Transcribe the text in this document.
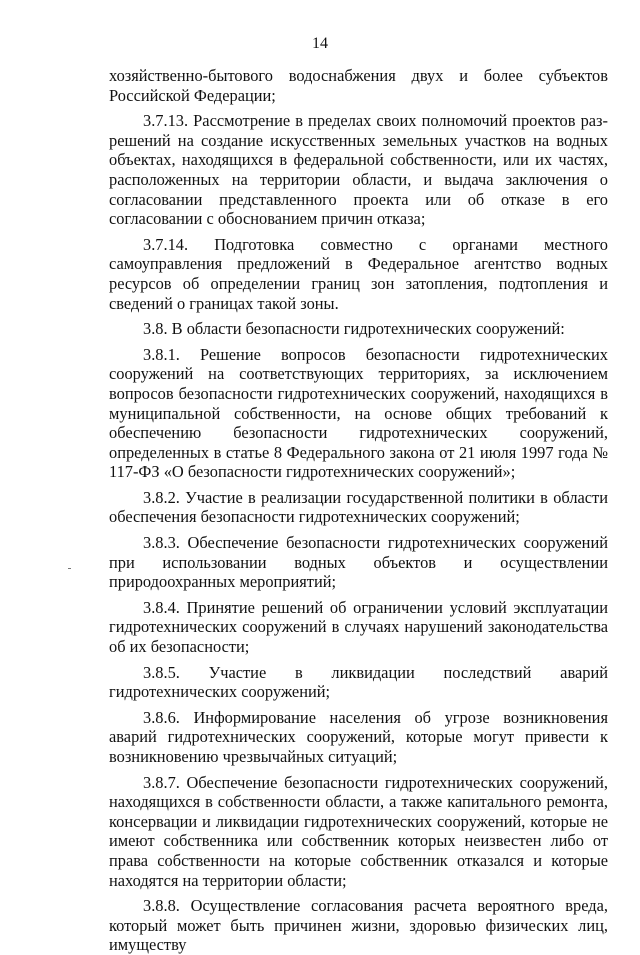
14

хозяйственно-бытового водоснабжения двух и более субъектов Российской Федерации;

3.7.13. Рассмотрение в пределах своих полномочий проектов разрешений на создание искусственных земельных участков на водных объектах, находящихся в федеральной собственности, или их частях, расположенных на территории области, и выдача заключения о согласовании представленного проекта или об отказе в его согласовании с обоснованием причин отказа;

3.7.14. Подготовка совместно с органами местного самоуправления предложений в Федеральное агентство водных ресурсов об определении границ зон затопления, подтопления и сведений о границах такой зоны.

3.8. В области безопасности гидротехнических сооружений:

3.8.1. Решение вопросов безопасности гидротехнических сооружений на соответствующих территориях, за исключением вопросов безопасности гидротехнических сооружений, находящихся в муниципальной собственности, на основе общих требований к обеспечению безопасности гидротехнических сооружений, определенных в статье 8 Федерального закона от 21 июля 1997 года № 117-ФЗ «О безопасности гидротехнических сооружений»;

3.8.2. Участие в реализации государственной политики в области обеспечения безопасности гидротехнических сооружений;

3.8.3. Обеспечение безопасности гидротехнических сооружений при использовании водных объектов и осуществлении природоохранных мероприятий;

3.8.4. Принятие решений об ограничении условий эксплуатации гидротехнических сооружений в случаях нарушений законодательства об их безопасности;

3.8.5. Участие в ликвидации последствий аварий гидротехнических сооружений;

3.8.6. Информирование населения об угрозе возникновения аварий гидротехнических сооружений, которые могут привести к возникновению чрезвычайных ситуаций;

3.8.7. Обеспечение безопасности гидротехнических сооружений, находящихся в собственности области, а также капитального ремонта, консервации и ликвидации гидротехнических сооружений, которые не имеют собственника или собственник которых неизвестен либо от права собственности на которые собственник отказался и которые находятся на территории области;

3.8.8. Осуществление согласования расчета вероятного вреда, который может быть причинен жизни, здоровью физических лиц, имуществу
